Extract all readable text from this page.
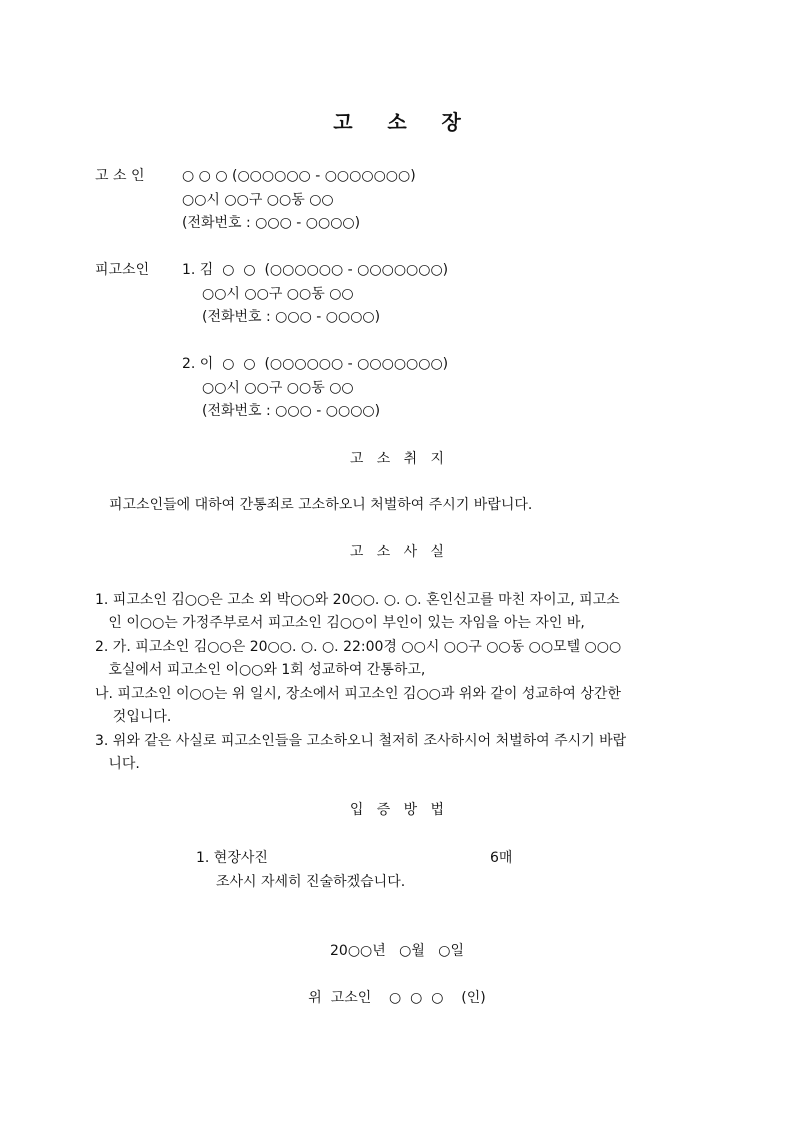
고     소     장
고 소 인	○ ○ ○ (○○○○○○ - ○○○○○○○)
○○시 ○○구 ○○동 ○○
(전화번호 : ○○○ - ○○○○)
피고소인 1. 김  ○  ○  (○○○○○○ - ○○○○○○○)
○○시 ○○구 ○○동 ○○
(전화번호 : ○○○ - ○○○○)
2. 이  ○  ○  (○○○○○○ - ○○○○○○○)
○○시 ○○구 ○○동 ○○
(전화번호 : ○○○ - ○○○○)
고   소   취   지
피고소인들에 대하여 간통죄로 고소하오니 처벌하여 주시기 바랍니다.
고   소   사   실
1. 피고소인 김○○은 고소 외 박○○와 20○○. ○. ○. 혼인신고를 마친 자이고, 피고소
인 이○○는 가정주부로서 피고소인 김○○이 부인이 있는 자임을 아는 자인 바,
2. 가. 피고소인 김○○은 20○○. ○. ○. 22:00경 ○○시 ○○구 ○○동 ○○모텔 ○○○
호실에서 피고소인 이○○와 1회 성교하여 간통하고,
나. 피고소인 이○○는 위 일시, 장소에서 피고소인 김○○과 위와 같이 성교하여 상간한
것입니다.
3. 위와 같은 사실로 피고소인들을 고소하오니 철저히 조사하시어 처벌하여 주시기 바랍
니다.
입   증   방   법
1. 현장사진	6매
조사시 자세히 진술하겠습니다.
20○○년   ○월   ○일
위  고소인    ○  ○  ○    (인)
